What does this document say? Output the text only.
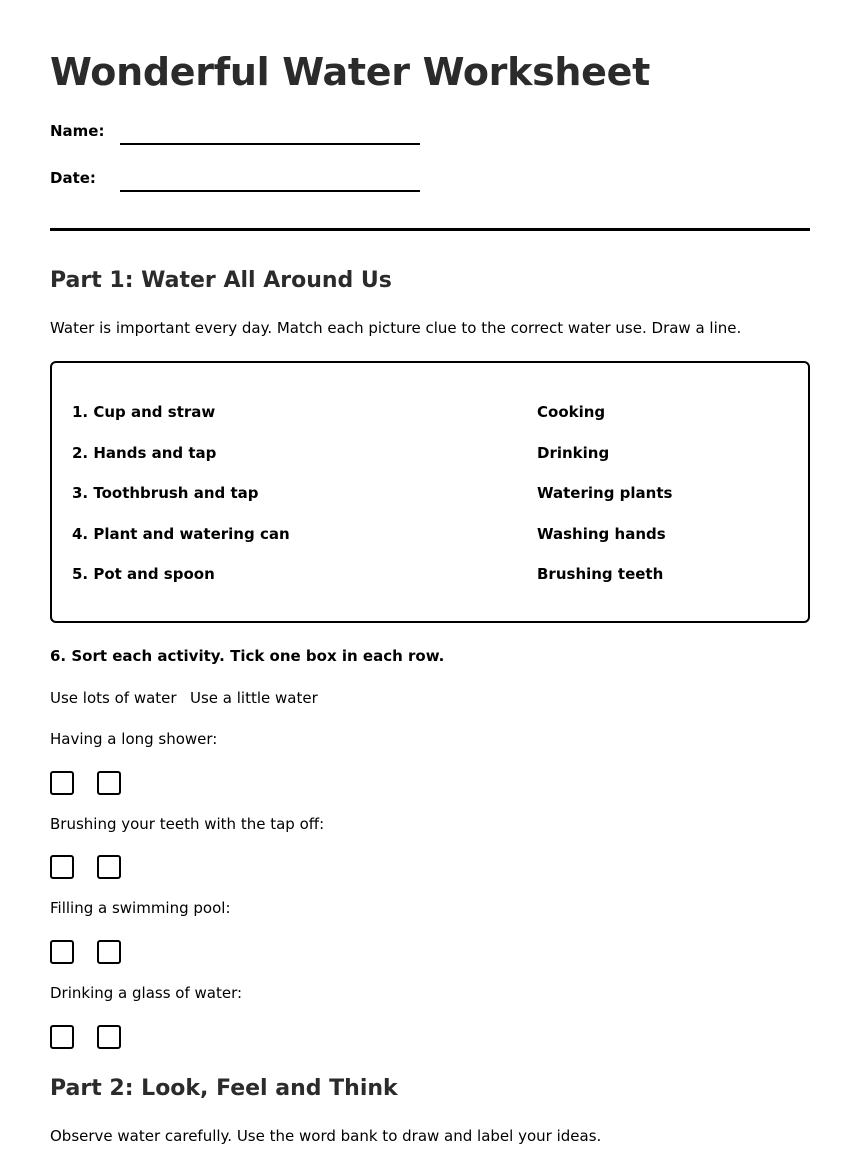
Wonderful Water Worksheet
Name:
Date:
Part 1: Water All Around Us
Water is important every day. Match each picture clue to the correct water use. Draw a line.
1. Cup and straw
2. Hands and tap
3. Toothbrush and tap
4. Plant and watering can
5. Pot and spoon
Cooking
Drinking
Watering plants
Washing hands
Brushing teeth
6. Sort each activity. Tick one box in each row.
Use lots of water Use a little water
Having a long shower:
Brushing your teeth with the tap off:
Filling a swimming pool:
Drinking a glass of water:
Part 2: Look, Feel and Think
Observe water carefully. Use the word bank to draw and label your ideas.
